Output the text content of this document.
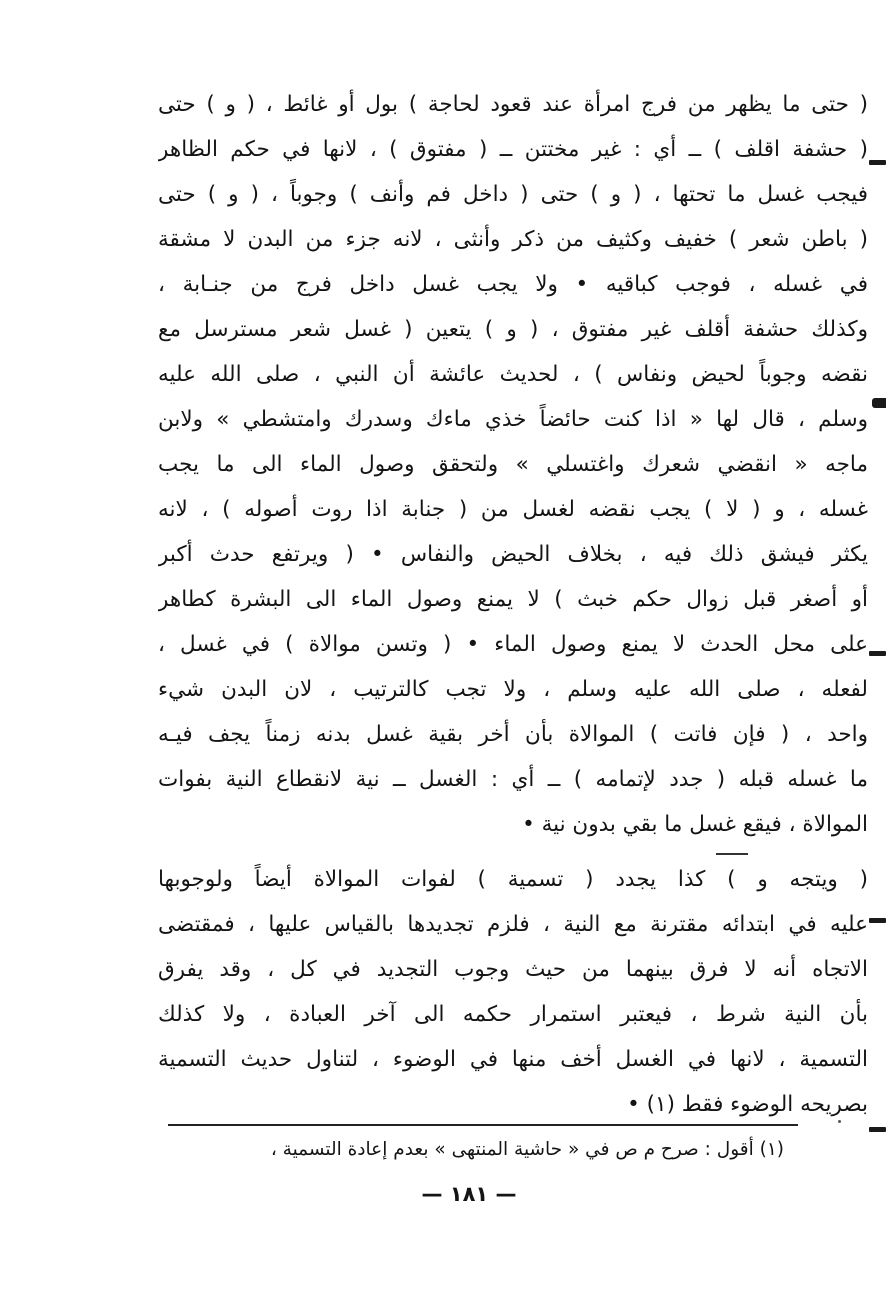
( حتى ما يظهر من فرج امرأة عند قعود لحاجة ) بول أو غائط ، ( و ) حتى
( حشفة اقلف ) ــ أي : غير مختتن ــ ( مفتوق ) ، لانها في حكم الظاهر
فيجب غسل ما تحتها ، ( و ) حتى ( داخل فم وأنف ) وجوباً ، ( و ) حتى
( باطن شعر ) خفيف وكثيف من ذكر وأنثى ، لانه جزء من البدن لا مشقة
في غسله ، فوجب كباقيه • ولا يجب غسل داخل فرج من جنـابة ،
وكذلك حشفة أقلف غير مفتوق ، ( و ) يتعين ( غسل شعر مسترسل مع
نقضه وجوباً لحيض ونفاس ) ، لحديث عائشة أن النبي ، صلى الله عليه
وسلم ، قال لها « اذا كنت حائضاً خذي ماءك وسدرك وامتشطي » ولابن
ماجه « انقضي شعرك واغتسلي » ولتحقق وصول الماء الى ما يجب
غسله ، و ( لا ) يجب نقضه لغسل من ( جنابة اذا روت أصوله ) ، لانه
يكثر فيشق ذلك فيه ، بخلاف الحيض والنفاس • ( ويرتفع حدث أكبر
أو أصغر قبل زوال حكم خبث ) لا يمنع وصول الماء الى البشرة كطاهر
على محل الحدث لا يمنع وصول الماء • ( وتسن موالاة ) في غسل ،
لفعله ، صلى الله عليه وسلم ، ولا تجب كالترتيب ، لان البدن شيء
واحد ، ( فإن فاتت ) الموالاة بأن أخر بقية غسل بدنه زمناً يجف فيـه
ما غسله قبله ( جدد لإتمامه ) ــ أي : الغسل ــ نية لانقطاع النية بفوات
الموالاة ، فيقع غسل ما بقي بدون نية •
( ويتجه و ) كذا يجدد ( تسمية ) لفوات الموالاة أيضاً ولوجوبها
عليه في ابتدائه مقترنة مع النية ، فلزم تجديدها بالقياس عليها ، فمقتضى
الاتجاه أنه لا فرق بينهما من حيث وجوب التجديد في كل ، وقد يفرق
بأن النية شرط ، فيعتبر استمرار حكمه الى آخر العبادة ، ولا كذلك
التسمية ، لانها في الغسل أخف منها في الوضوء ، لتناول حديث التسمية
بصريحه الوضوء فقط (١) •
(١) أقول : صرح م ص في « حاشية المنتهى » بعدم إعادة التسمية ،
— ١٨١ —
